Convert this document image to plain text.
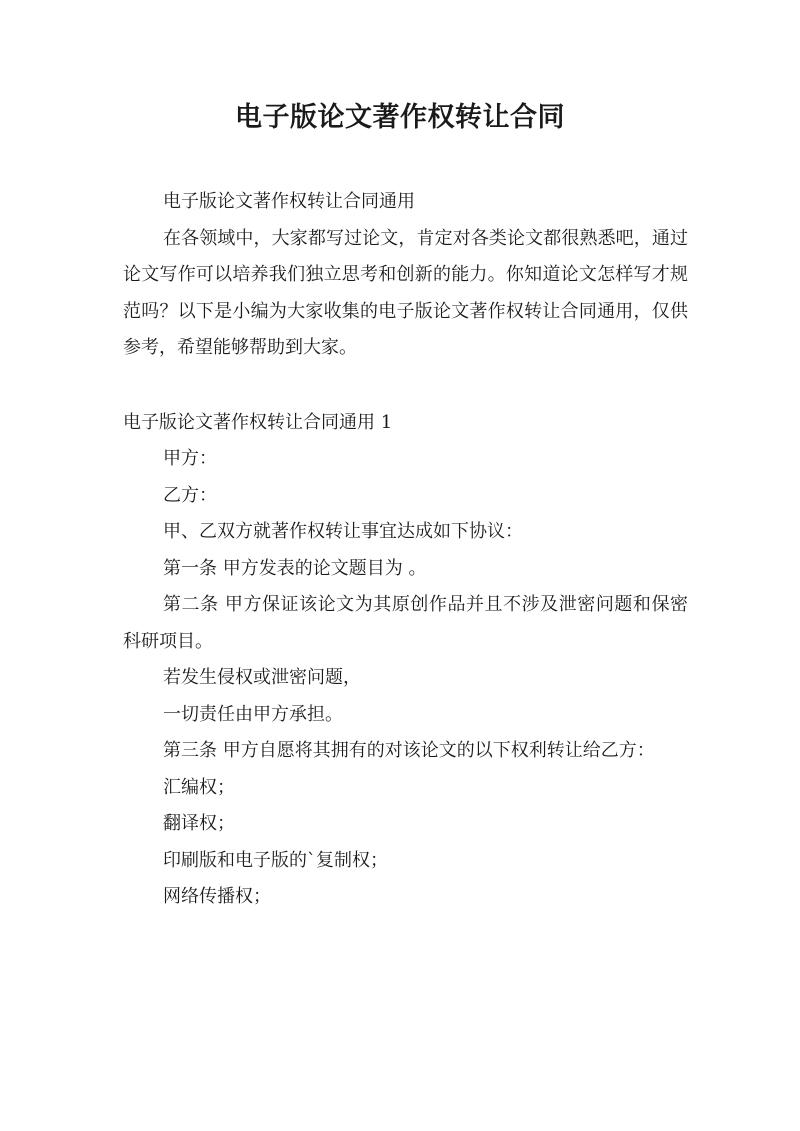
电子版论文著作权转让合同

电子版论文著作权转让合同通用

在各领域中，大家都写过论文，肯定对各类论文都很熟悉吧，通过论文写作可以培养我们独立思考和创新的能力。你知道论文怎样写才规范吗？以下是小编为大家收集的电子版论文著作权转让合同通用，仅供参考，希望能够帮助到大家。

电子版论文著作权转让合同通用 1

甲方：

乙方：

甲、乙双方就著作权转让事宜达成如下协议：

第一条 甲方发表的论文题目为 。

第二条 甲方保证该论文为其原创作品并且不涉及泄密问题和保密科研项目。

若发生侵权或泄密问题，

一切责任由甲方承担。

第三条 甲方自愿将其拥有的对该论文的以下权利转让给乙方：

汇编权；

翻译权；

印刷版和电子版的`复制权；

网络传播权；
